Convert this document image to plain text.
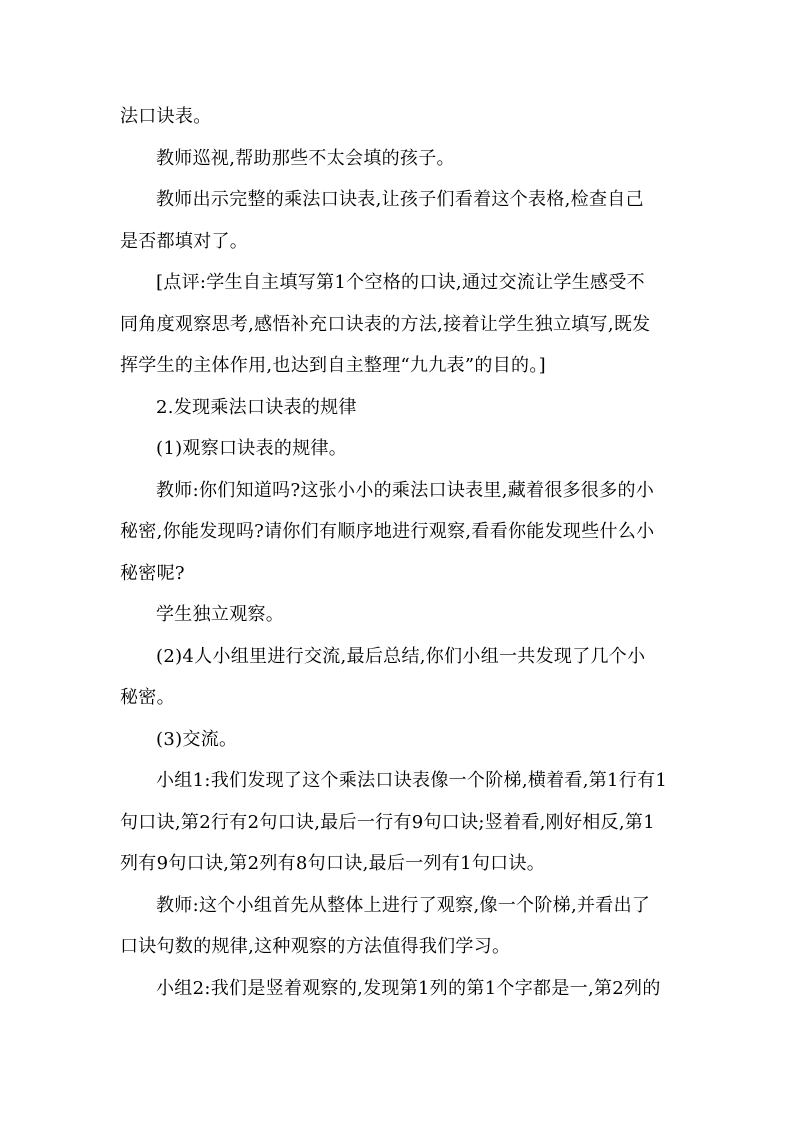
法口诀表。
教师巡视,帮助那些不太会填的孩子。
教师出示完整的乘法口诀表,让孩子们看着这个表格,检查自己
是否都填对了。
[点评:学生自主填写第1个空格的口诀,通过交流让学生感受不
同角度观察思考,感悟补充口诀表的方法,接着让学生独立填写,既发
挥学生的主体作用,也达到自主整理“九九表”的目的。]
2.发现乘法口诀表的规律
(1)观察口诀表的规律。
教师:你们知道吗?这张小小的乘法口诀表里,藏着很多很多的小
秘密,你能发现吗?请你们有顺序地进行观察,看看你能发现些什么小
秘密呢?
学生独立观察。
(2)4人小组里进行交流,最后总结,你们小组一共发现了几个小
秘密。
(3)交流。
小组1:我们发现了这个乘法口诀表像一个阶梯,横着看,第1行有1
句口诀,第2行有2句口诀,最后一行有9句口诀;竖着看,刚好相反,第1
列有9句口诀,第2列有8句口诀,最后一列有1句口诀。
教师:这个小组首先从整体上进行了观察,像一个阶梯,并看出了
口诀句数的规律,这种观察的方法值得我们学习。
小组2:我们是竖着观察的,发现第1列的第1个字都是一,第2列的
